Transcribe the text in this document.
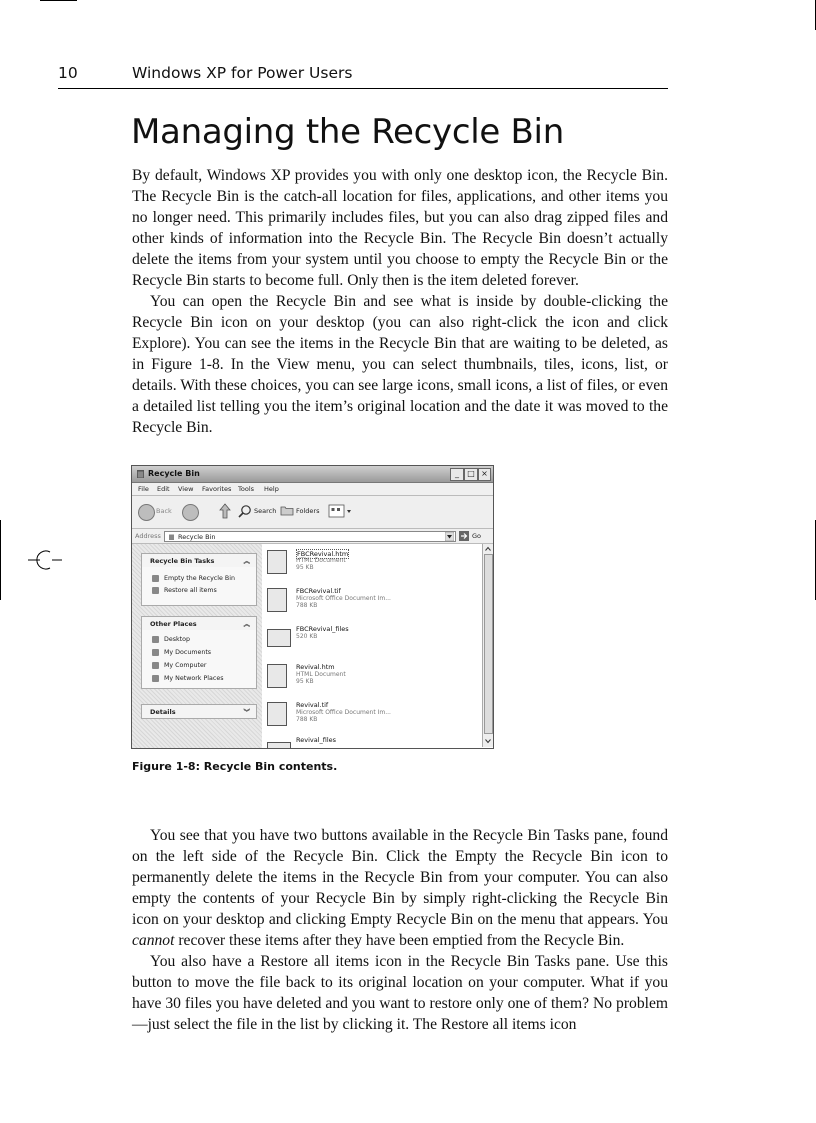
10	Windows XP for Power Users
Managing the Recycle Bin

By default, Windows XP provides you with only one desktop icon, the Recycle Bin. The Recycle Bin is the catch-all location for files, applications, and other items you no longer need. This primarily includes files, but you can also drag zipped files and other kinds of information into the Recycle Bin. The Recycle Bin doesn’t actually delete the items from your system until you choose to empty the Recycle Bin or the Recycle Bin starts to become full. Only then is the item deleted forever.

You can open the Recycle Bin and see what is inside by double-clicking the Recycle Bin icon on your desktop (you can also right-click the icon and click Explore). You can see the items in the Recycle Bin that are waiting to be deleted, as in Figure 1-8. In the View menu, you can select thumbnails, tiles, icons, list, or details. With these choices, you can see large icons, small icons, a list of files, or even a detailed list telling you the item’s original location and the date it was moved to the Recycle Bin.

Recycle Bin	_	□ ×
File Edit View Favorites Tools Help
Back	Search	Folders
Address	Recycle Bin	Go
Recycle Bin Tasks	︽
Empty the Recycle Bin
Restore all items
Other Places	︽
Desktop
My Documents
My Computer
My Network Places
Details	︾
FBCRevival.htm
HTML Document
95 KB
FBCRevival.tif
Microsoft Office Document Im...
788 KB
FBCRevival_files
520 KB
Revival.htm
HTML Document
95 KB
Revival.tif
Microsoft Office Document Im...
788 KB
Revival_files
Figure 1-8: Recycle Bin contents.

You see that you have two buttons available in the Recycle Bin Tasks pane, found on the left side of the Recycle Bin. Click the Empty the Recycle Bin icon to permanently delete the items in the Recycle Bin from your computer. You can also empty the contents of your Recycle Bin by simply right-clicking the Recycle Bin icon on your desktop and clicking Empty Recycle Bin on the menu that appears. You cannot recover these items after they have been emptied from the Recycle Bin.

You also have a Restore all items icon in the Recycle Bin Tasks pane. Use this button to move the file back to its original location on your computer. What if you have 30 files you have deleted and you want to restore only one of them? No problem—just select the file in the list by clicking it. The Restore all items icon
